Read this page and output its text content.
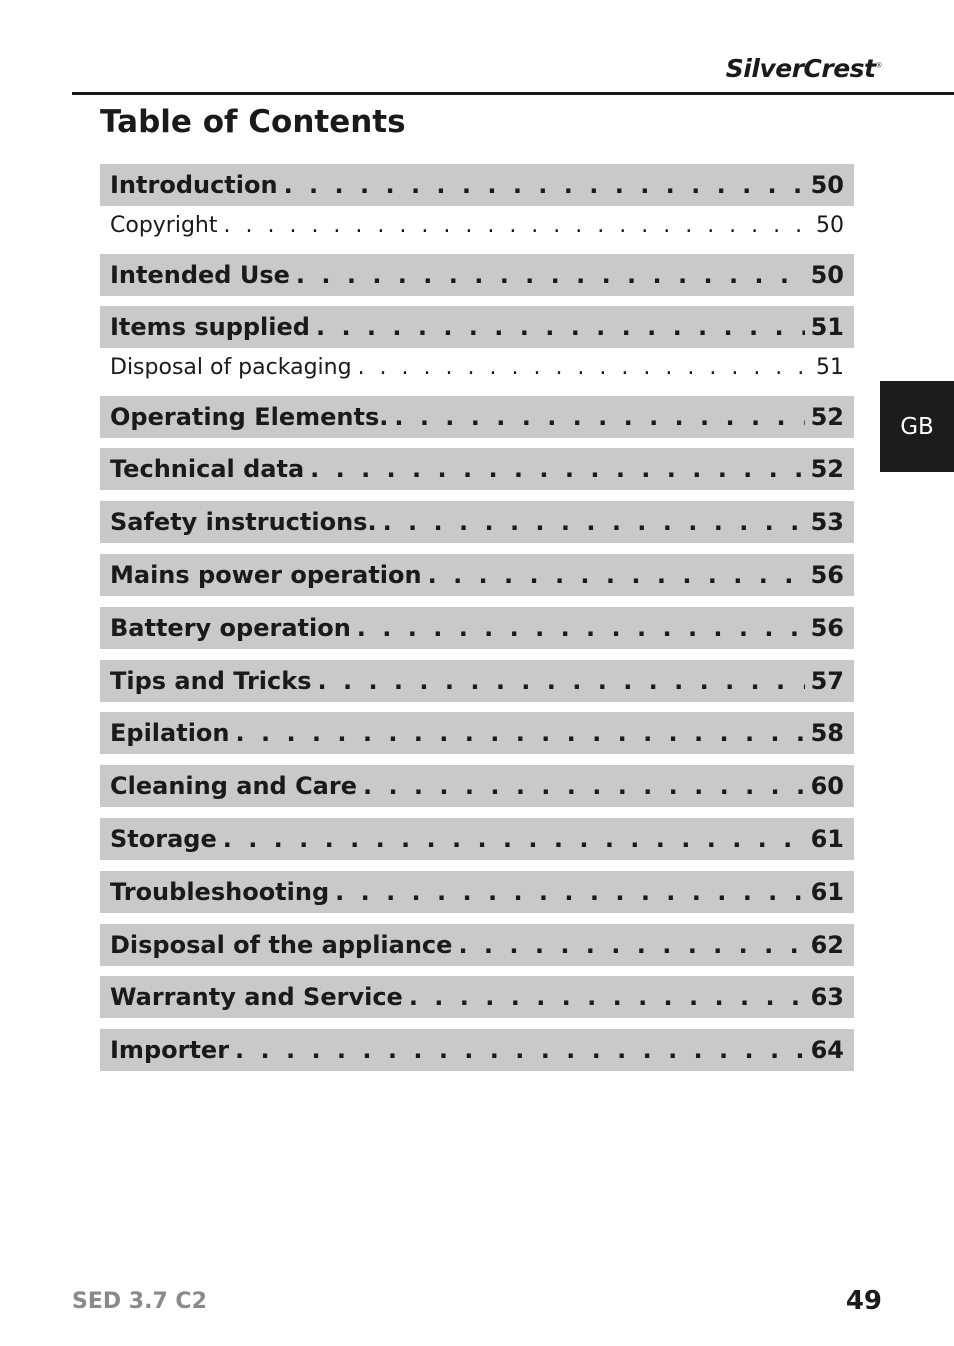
SilverCrest®
Table of Contents
GB
Introduction . . .	50
Copyright . . .	50
Intended Use . . .	50
Items supplied . . .	51
Disposal of packaging . . .	51
Operating Elements. . . .	52
Technical data . . .	52
Safety instructions. . . .	53
Mains power operation . . .	56
Battery operation . . .	56
Tips and Tricks . . .	57
Epilation . . .	58
Cleaning and Care . . .	60
Storage . . .	61
Troubleshooting . . .	61
Disposal of the appliance . . .	62
Warranty and Service . . .	63
Importer . . .	64
SED 3.7 C2	49
